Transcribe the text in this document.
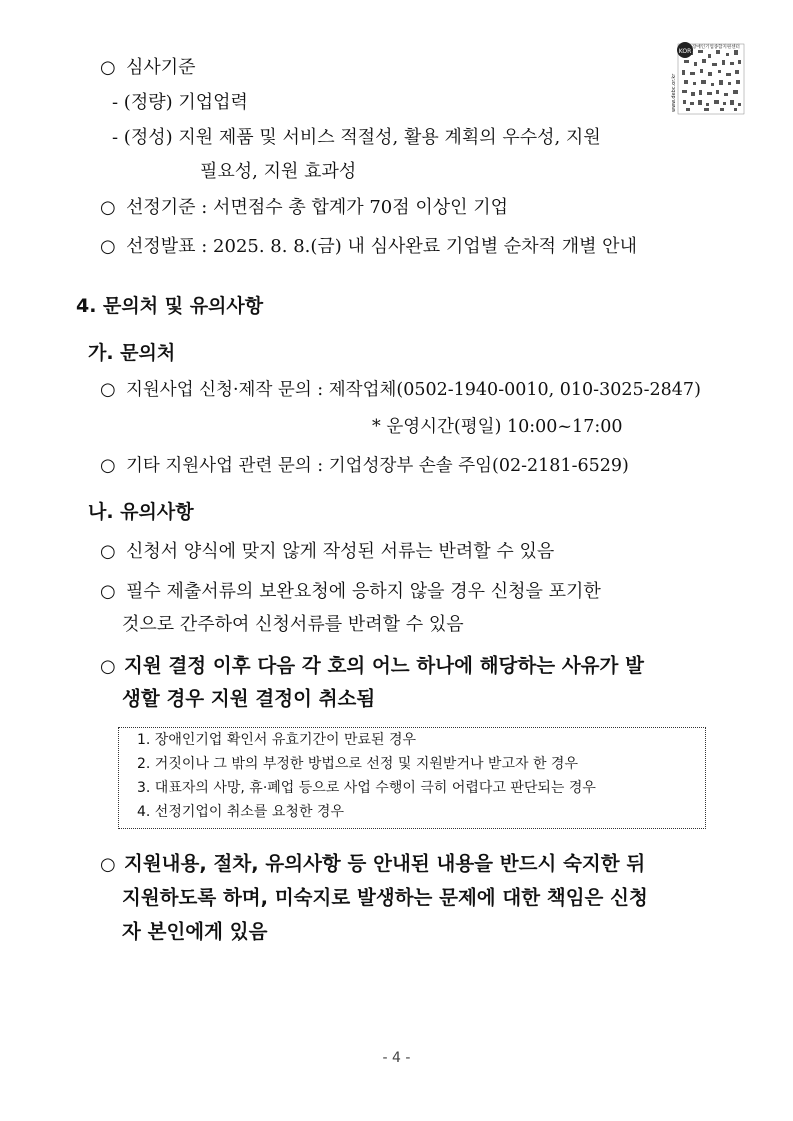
KOR
장애인기업종합지원센터
www.debc.or.kr
○ 심사기준
- (정량) 기업업력
- (정성) 지원 제품 및 서비스 적절성, 활용 계획의 우수성, 지원
필요성, 지원 효과성
○ 선정기준 : 서면점수 총 합계가 70점 이상인 기업
○ 선정발표 : 2025. 8. 8.(금) 내 심사완료 기업별 순차적 개별 안내
4. 문의처 및 유의사항
가. 문의처
○ 지원사업 신청·제작 문의 : 제작업체(0502-1940-0010, 010-3025-2847)
* 운영시간(평일) 10:00~17:00
○ 기타 지원사업 관련 문의 : 기업성장부 손솔 주임(02-2181-6529)
나. 유의사항
○ 신청서 양식에 맞지 않게 작성된 서류는 반려할 수 있음
○ 필수 제출서류의 보완요청에 응하지 않을 경우 신청을 포기한
것으로 간주하여 신청서류를 반려할 수 있음
○ 지원 결정 이후 다음 각 호의 어느 하나에 해당하는 사유가 발
생할 경우 지원 결정이 취소됨
1. 장애인기업 확인서 유효기간이 만료된 경우
2. 거짓이나 그 밖의 부정한 방법으로 선정 및 지원받거나 받고자 한 경우
3. 대표자의 사망, 휴·폐업 등으로 사업 수행이 극히 어렵다고 판단되는 경우
4. 선정기업이 취소를 요청한 경우
○ 지원내용, 절차, 유의사항 등 안내된 내용을 반드시 숙지한 뒤
지원하도록 하며, 미숙지로 발생하는 문제에 대한 책임은 신청
자 본인에게 있음
- 4 -
